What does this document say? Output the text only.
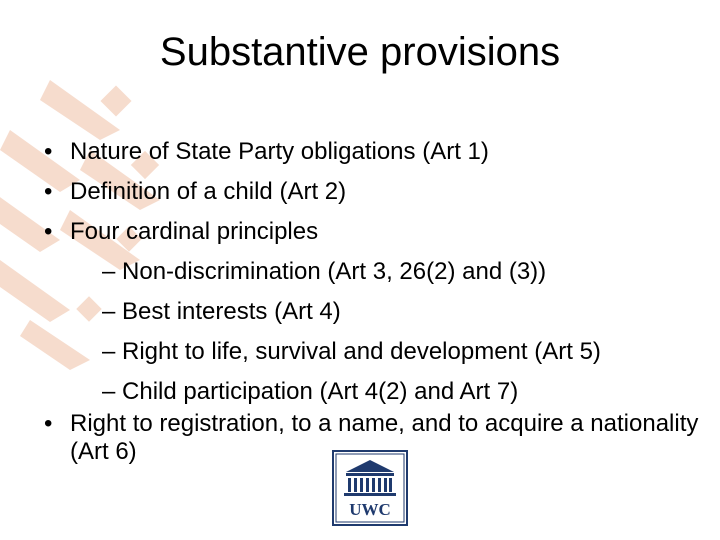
Substantive provisions
• Nature of State Party obligations (Art 1)
• Definition of a child (Art 2)
• Four cardinal principles
– Non-discrimination (Art 3, 26(2) and (3))
– Best interests (Art 4)
– Right to life, survival and development (Art 5)
– Child participation (Art 4(2) and Art 7)
• Right to registration, to a name, and to acquire a nationality (Art 6)
UWC
